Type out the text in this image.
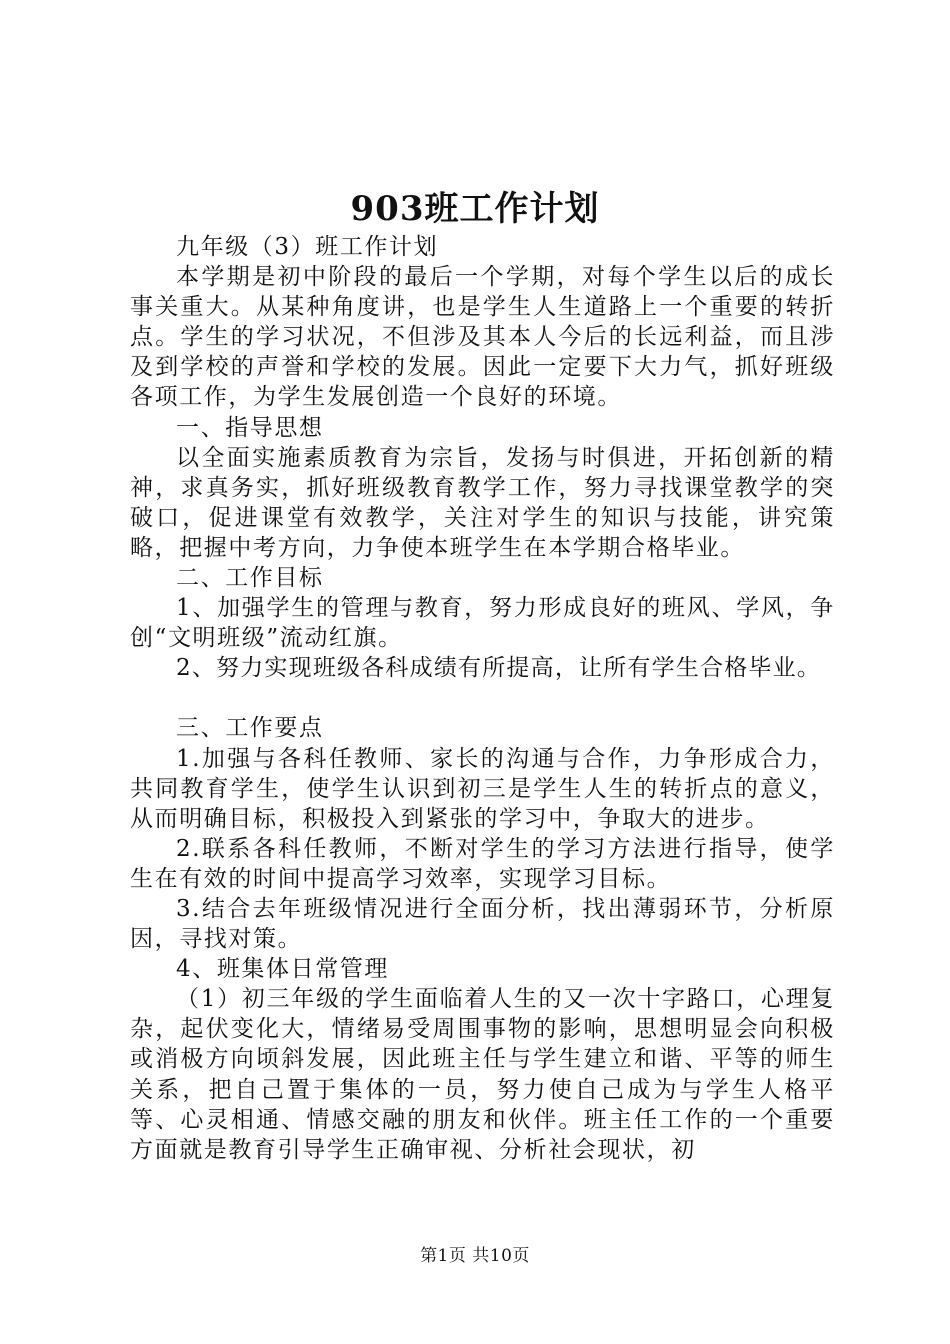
903班工作计划

九年级（3）班工作计划

本学期是初中阶段的最后一个学期，对每个学生以后的成长事关重大。从某种角度讲，也是学生人生道路上一个重要的转折点。学生的学习状况，不但涉及其本人今后的长远利益，而且涉及到学校的声誉和学校的发展。因此一定要下大力气，抓好班级各项工作，为学生发展创造一个良好的环境。

一、指导思想

以全面实施素质教育为宗旨，发扬与时俱进，开拓创新的精神，求真务实，抓好班级教育教学工作，努力寻找课堂教学的突破口，促进课堂有效教学，关注对学生的知识与技能，讲究策略，把握中考方向，力争使本班学生在本学期合格毕业。

二、工作目标

1、加强学生的管理与教育，努力形成良好的班风、学风，争创“文明班级”流动红旗。

2、努力实现班级各科成绩有所提高，让所有学生合格毕业。

三、工作要点

1.加强与各科任教师、家长的沟通与合作，力争形成合力，共同教育学生，使学生认识到初三是学生人生的转折点的意义，从而明确目标，积极投入到紧张的学习中，争取大的进步。

2.联系各科任教师，不断对学生的学习方法进行指导，使学生在有效的时间中提高学习效率，实现学习目标。

3.结合去年班级情况进行全面分析，找出薄弱环节，分析原因，寻找对策。

4、班集体日常管理

（1）初三年级的学生面临着人生的又一次十字路口，心理复杂，起伏变化大，情绪易受周围事物的影响，思想明显会向积极或消极方向顷斜发展，因此班主任与学生建立和谐、平等的师生关系，把自己置于集体的一员，努力使自己成为与学生人格平等、心灵相通、情感交融的朋友和伙伴。班主任工作的一个重要方面就是教育引导学生正确审视、分析社会现状，初

第1页 共10页
